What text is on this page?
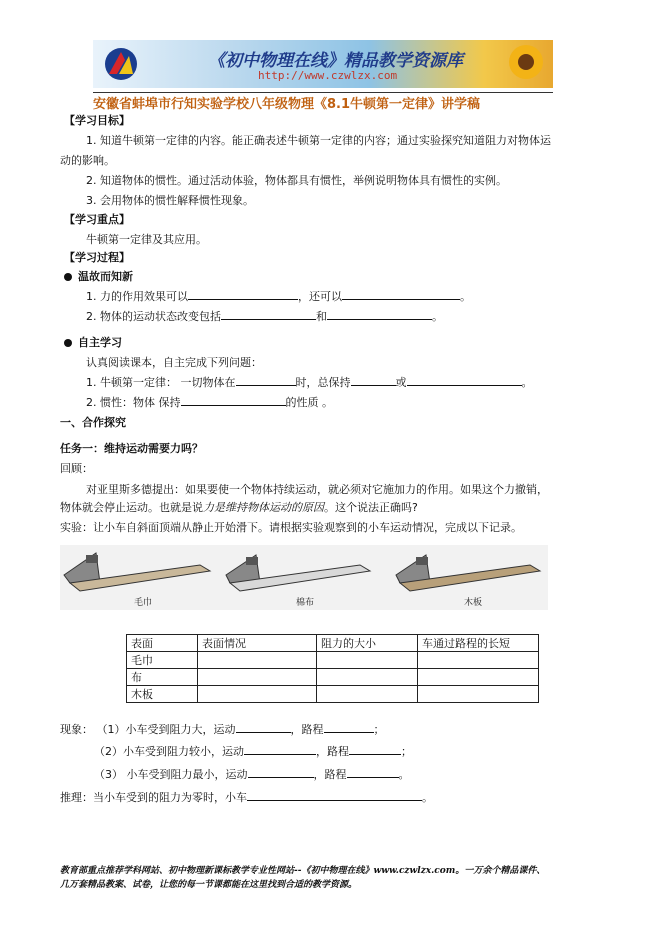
《初中物理在线》精品教学资源库
http://www.czwlzx.com
安徽省蚌埠市行知实验学校八年级物理《8.1牛顿第一定律》讲学稿
【学习目标】
1. 知道牛顿第一定律的内容。能正确表述牛顿第一定律的内容；通过实验探究知道阻力对物体运
动的影响。
2. 知道物体的惯性。通过活动体验，物体都具有惯性，举例说明物体具有惯性的实例。
3. 会用物体的惯性解释惯性现象。
【学习重点】
牛顿第一定律及其应用。
【学习过程】
温故而知新
1. 力的作用效果可以	，还可以	。
2. 物体的运动状态改变包括	和	。
自主学习
认真阅读课本，自主完成下列问题：
1. 牛顿第一定律： 一切物体在	时，总保持	或	。
2. 惯性：物体 保持	的性质 。
一、合作探究
任务一：维持运动需要力吗？
回顾：
对亚里斯多德提出：如果要使一个物体持续运动，就必须对它施加力的作用。如果这个力撤销，
物体就会停止运动。也就是说力是维持物体运动的原因。这个说法正确吗?
实验：让小车自斜面顶端从静止开始滑下。请根据实验观察到的小车运动情况，完成以下记录。
毛巾	棉布	木板
表面	表面情况	阻力的大小	车通过路程的长短
毛巾			
布			
木板			
现象： （1）小车受到阻力大，运动	，路程	；
（2）小车受到阻力较小，运动	，路程	；
（3） 小车受到阻力最小，运动	，路程	。
推理：当小车受到的阻力为零时，小车	。
教育部重点推荐学科网站、初中物理新课标教学专业性网站--《初中物理在线》www.czwlzx.com。一万余个精品课件、
几万套精品教案、试卷，让您的每一节课都能在这里找到合适的教学资源。
